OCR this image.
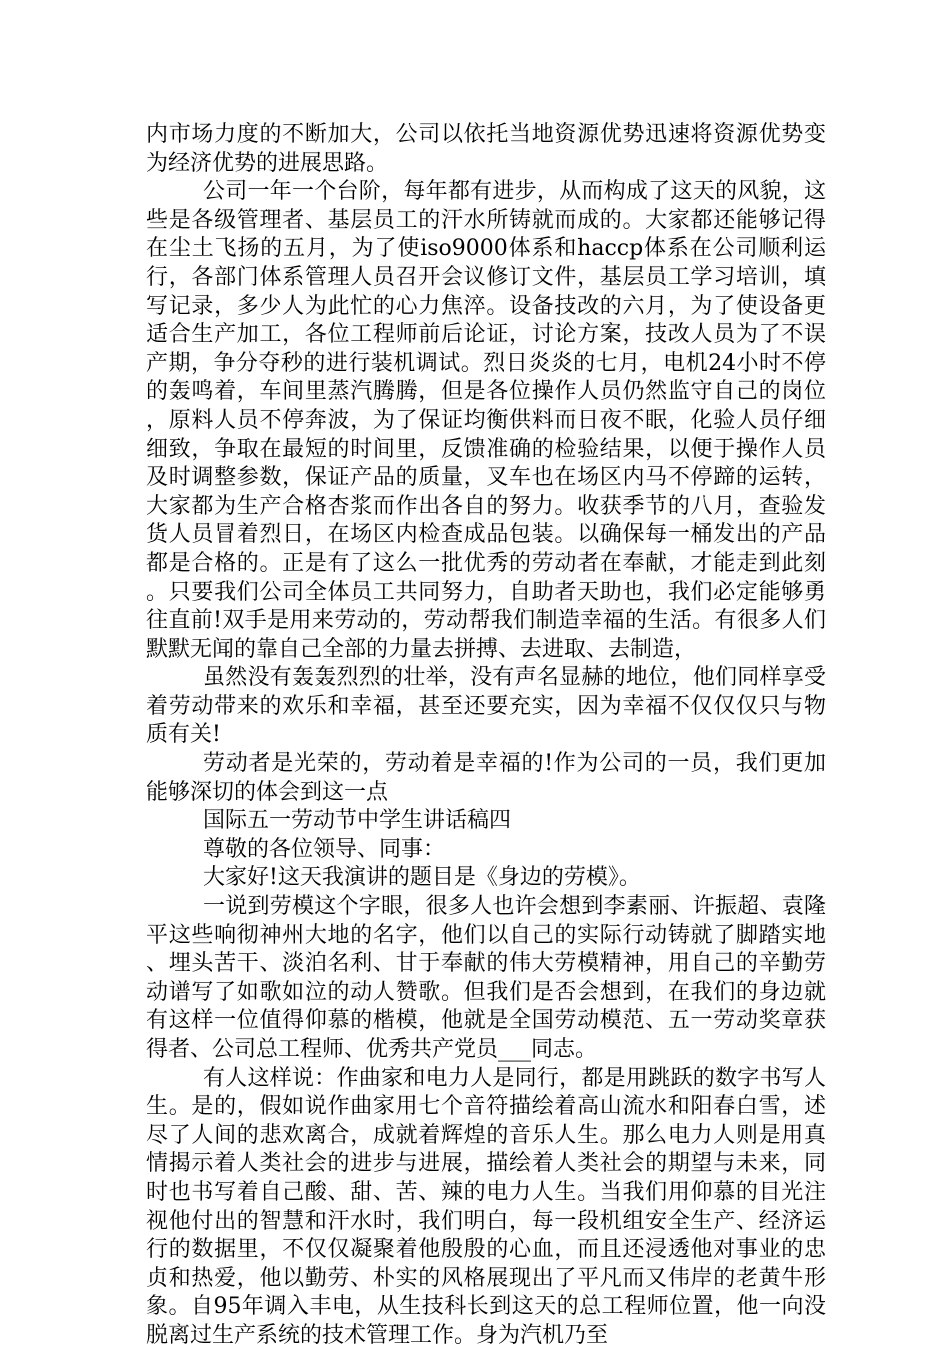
内市场力度的不断加大，公司以依托当地资源优势迅速将资源优势变为经济优势的进展思路。

公司一年一个台阶，每年都有进步，从而构成了这天的风貌，这些是各级管理者、基层员工的汗水所铸就而成的。大家都还能够记得在尘土飞扬的五月，为了使iso9000体系和haccp体系在公司顺利运行，各部门体系管理人员召开会议修订文件，基层员工学习培训，填写记录，多少人为此忙的心力焦淬。设备技改的六月，为了使设备更适合生产加工，各位工程师前后论证，讨论方案，技改人员为了不误产期，争分夺秒的进行装机调试。烈日炎炎的七月，电机24小时不停的轰鸣着，车间里蒸汽腾腾，但是各位操作人员仍然监守自己的岗位，原料人员不停奔波，为了保证均衡供料而日夜不眠，化验人员仔细细致，争取在最短的时间里，反馈准确的检验结果，以便于操作人员及时调整参数，保证产品的质量，叉车也在场区内马不停蹄的运转，大家都为生产合格杏浆而作出各自的努力。收获季节的八月，查验发货人员冒着烈日，在场区内检查成品包装。以确保每一桶发出的产品都是合格的。正是有了这么一批优秀的劳动者在奉献，才能走到此刻。只要我们公司全体员工共同努力，自助者天助也，我们必定能够勇往直前!双手是用来劳动的，劳动帮我们制造幸福的生活。有很多人们默默无闻的靠自己全部的力量去拼搏、去进取、去制造，

虽然没有轰轰烈烈的壮举，没有声名显赫的地位，他们同样享受着劳动带来的欢乐和幸福，甚至还要充实，因为幸福不仅仅仅只与物质有关!

劳动者是光荣的，劳动着是幸福的!作为公司的一员，我们更加能够深切的体会到这一点

国际五一劳动节中学生讲话稿四

尊敬的各位领导、同事：

大家好!这天我演讲的题目是《身边的劳模》。

一说到劳模这个字眼，很多人也许会想到李素丽、许振超、袁隆平这些响彻神州大地的名字，他们以自己的实际行动铸就了脚踏实地、埋头苦干、淡泊名利、甘于奉献的伟大劳模精神，用自己的辛勤劳动谱写了如歌如泣的动人赞歌。但我们是否会想到，在我们的身边就有这样一位值得仰慕的楷模，他就是全国劳动模范、五一劳动奖章获得者、公司总工程师、优秀共产党员___同志。

有人这样说：作曲家和电力人是同行，都是用跳跃的数字书写人生。是的，假如说作曲家用七个音符描绘着高山流水和阳春白雪，述尽了人间的悲欢离合，成就着辉煌的音乐人生。那么电力人则是用真情揭示着人类社会的进步与进展，描绘着人类社会的期望与未来，同时也书写着自己酸、甜、苦、辣的电力人生。当我们用仰慕的目光注视他付出的智慧和汗水时，我们明白，每一段机组安全生产、经济运行的数据里，不仅仅凝聚着他殷殷的心血，而且还浸透他对事业的忠贞和热爱，他以勤劳、朴实的风格展现出了平凡而又伟岸的老黄牛形象。自95年调入丰电，从生技科长到这天的总工程师位置，他一向没脱离过生产系统的技术管理工作。身为汽机乃至
